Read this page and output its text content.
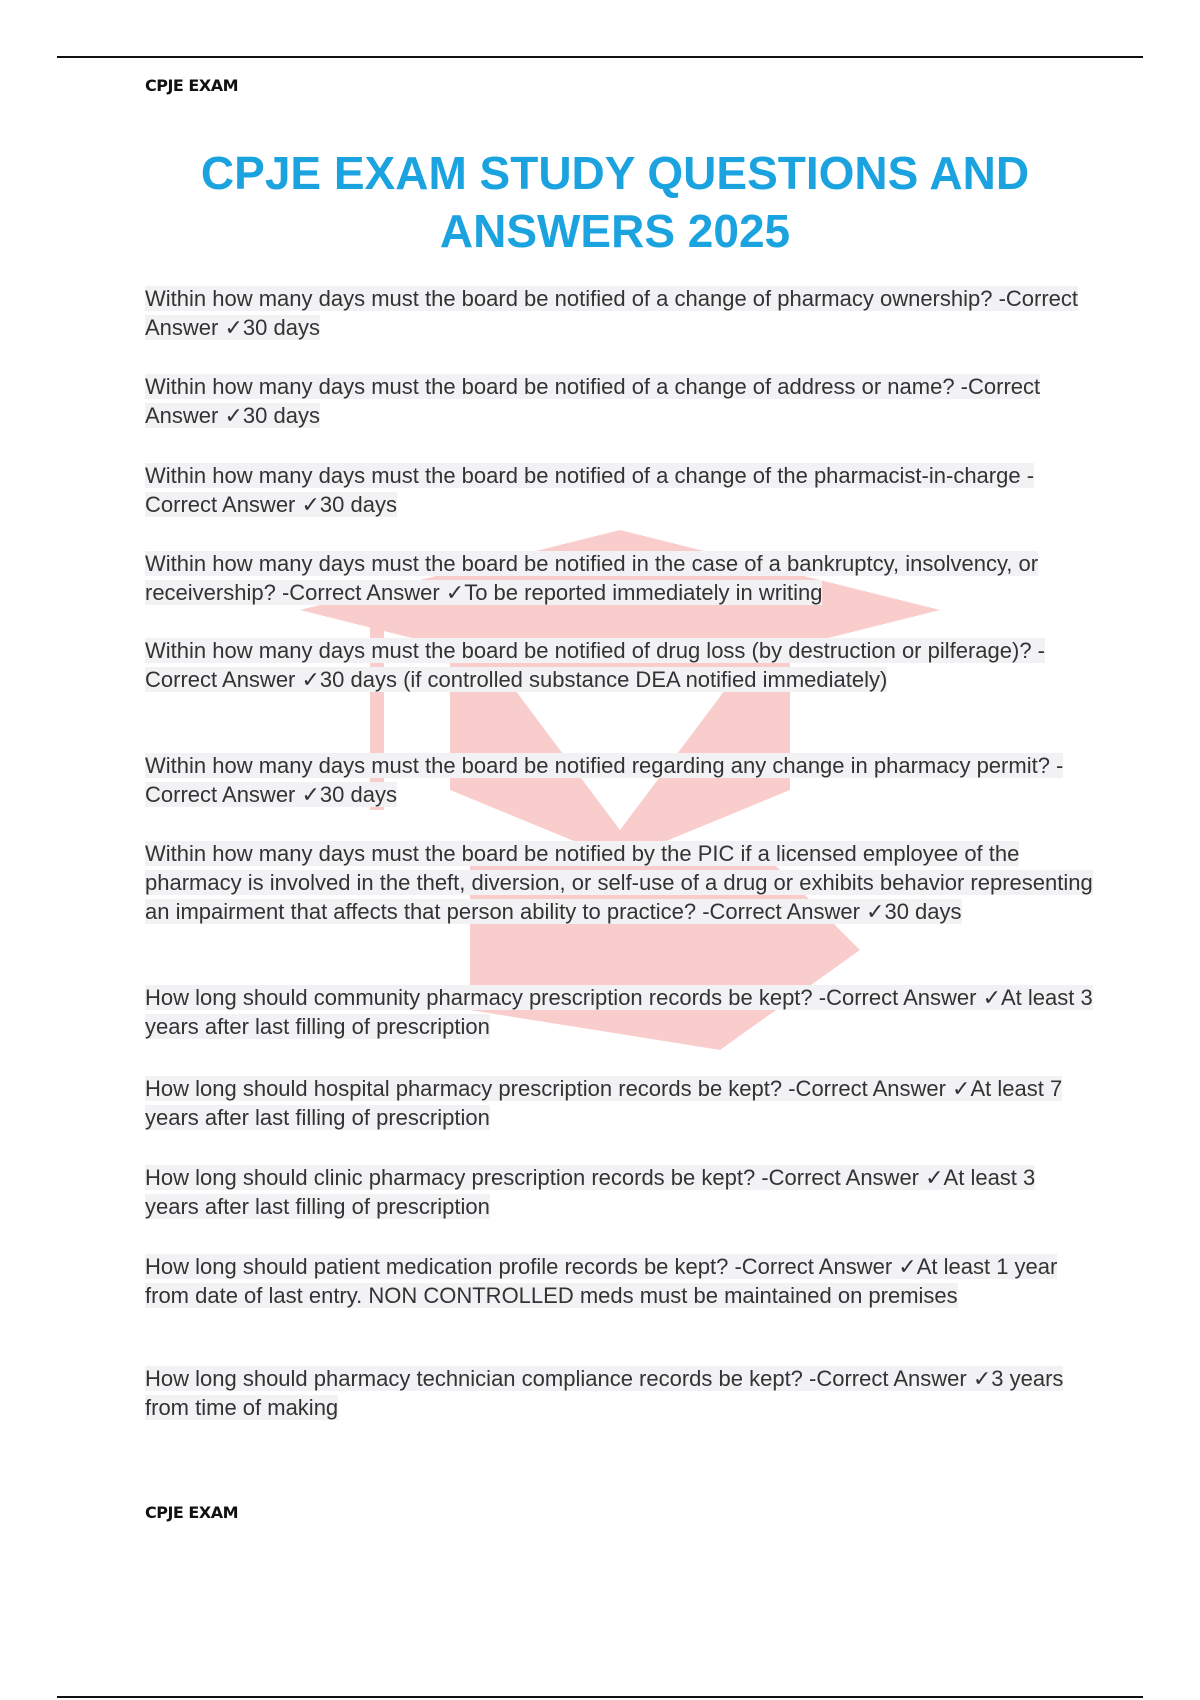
CPJE EXAM
CPJE EXAM STUDY QUESTIONS AND ANSWERS 2025
Within how many days must the board be notified of a change of pharmacy ownership? -Correct Answer ✓30 days
Within how many days must the board be notified of a change of address or name? -Correct Answer ✓30 days
Within how many days must the board be notified of a change of the pharmacist-in-charge -Correct Answer ✓30 days
Within how many days must the board be notified in the case of a bankruptcy, insolvency, or receivership? -Correct Answer ✓To be reported immediately in writing
Within how many days must the board be notified of drug loss (by destruction or pilferage)? -Correct Answer ✓30 days (if controlled substance DEA notified immediately)
Within how many days must the board be notified regarding any change in pharmacy permit? -Correct Answer ✓30 days
Within how many days must the board be notified by the PIC if a licensed employee of the pharmacy is involved in the theft, diversion, or self-use of a drug or exhibits behavior representing an impairment that affects that person ability to practice? -Correct Answer ✓30 days
How long should community pharmacy prescription records be kept? -Correct Answer ✓At least 3 years after last filling of prescription
How long should hospital pharmacy prescription records be kept? -Correct Answer ✓At least 7 years after last filling of prescription
How long should clinic pharmacy prescription records be kept? -Correct Answer ✓At least 3 years after last filling of prescription
How long should patient medication profile records be kept? -Correct Answer ✓At least 1 year from date of last entry. NON CONTROLLED meds must be maintained on premises
How long should pharmacy technician compliance records be kept? -Correct Answer ✓3 years from time of making
CPJE EXAM
